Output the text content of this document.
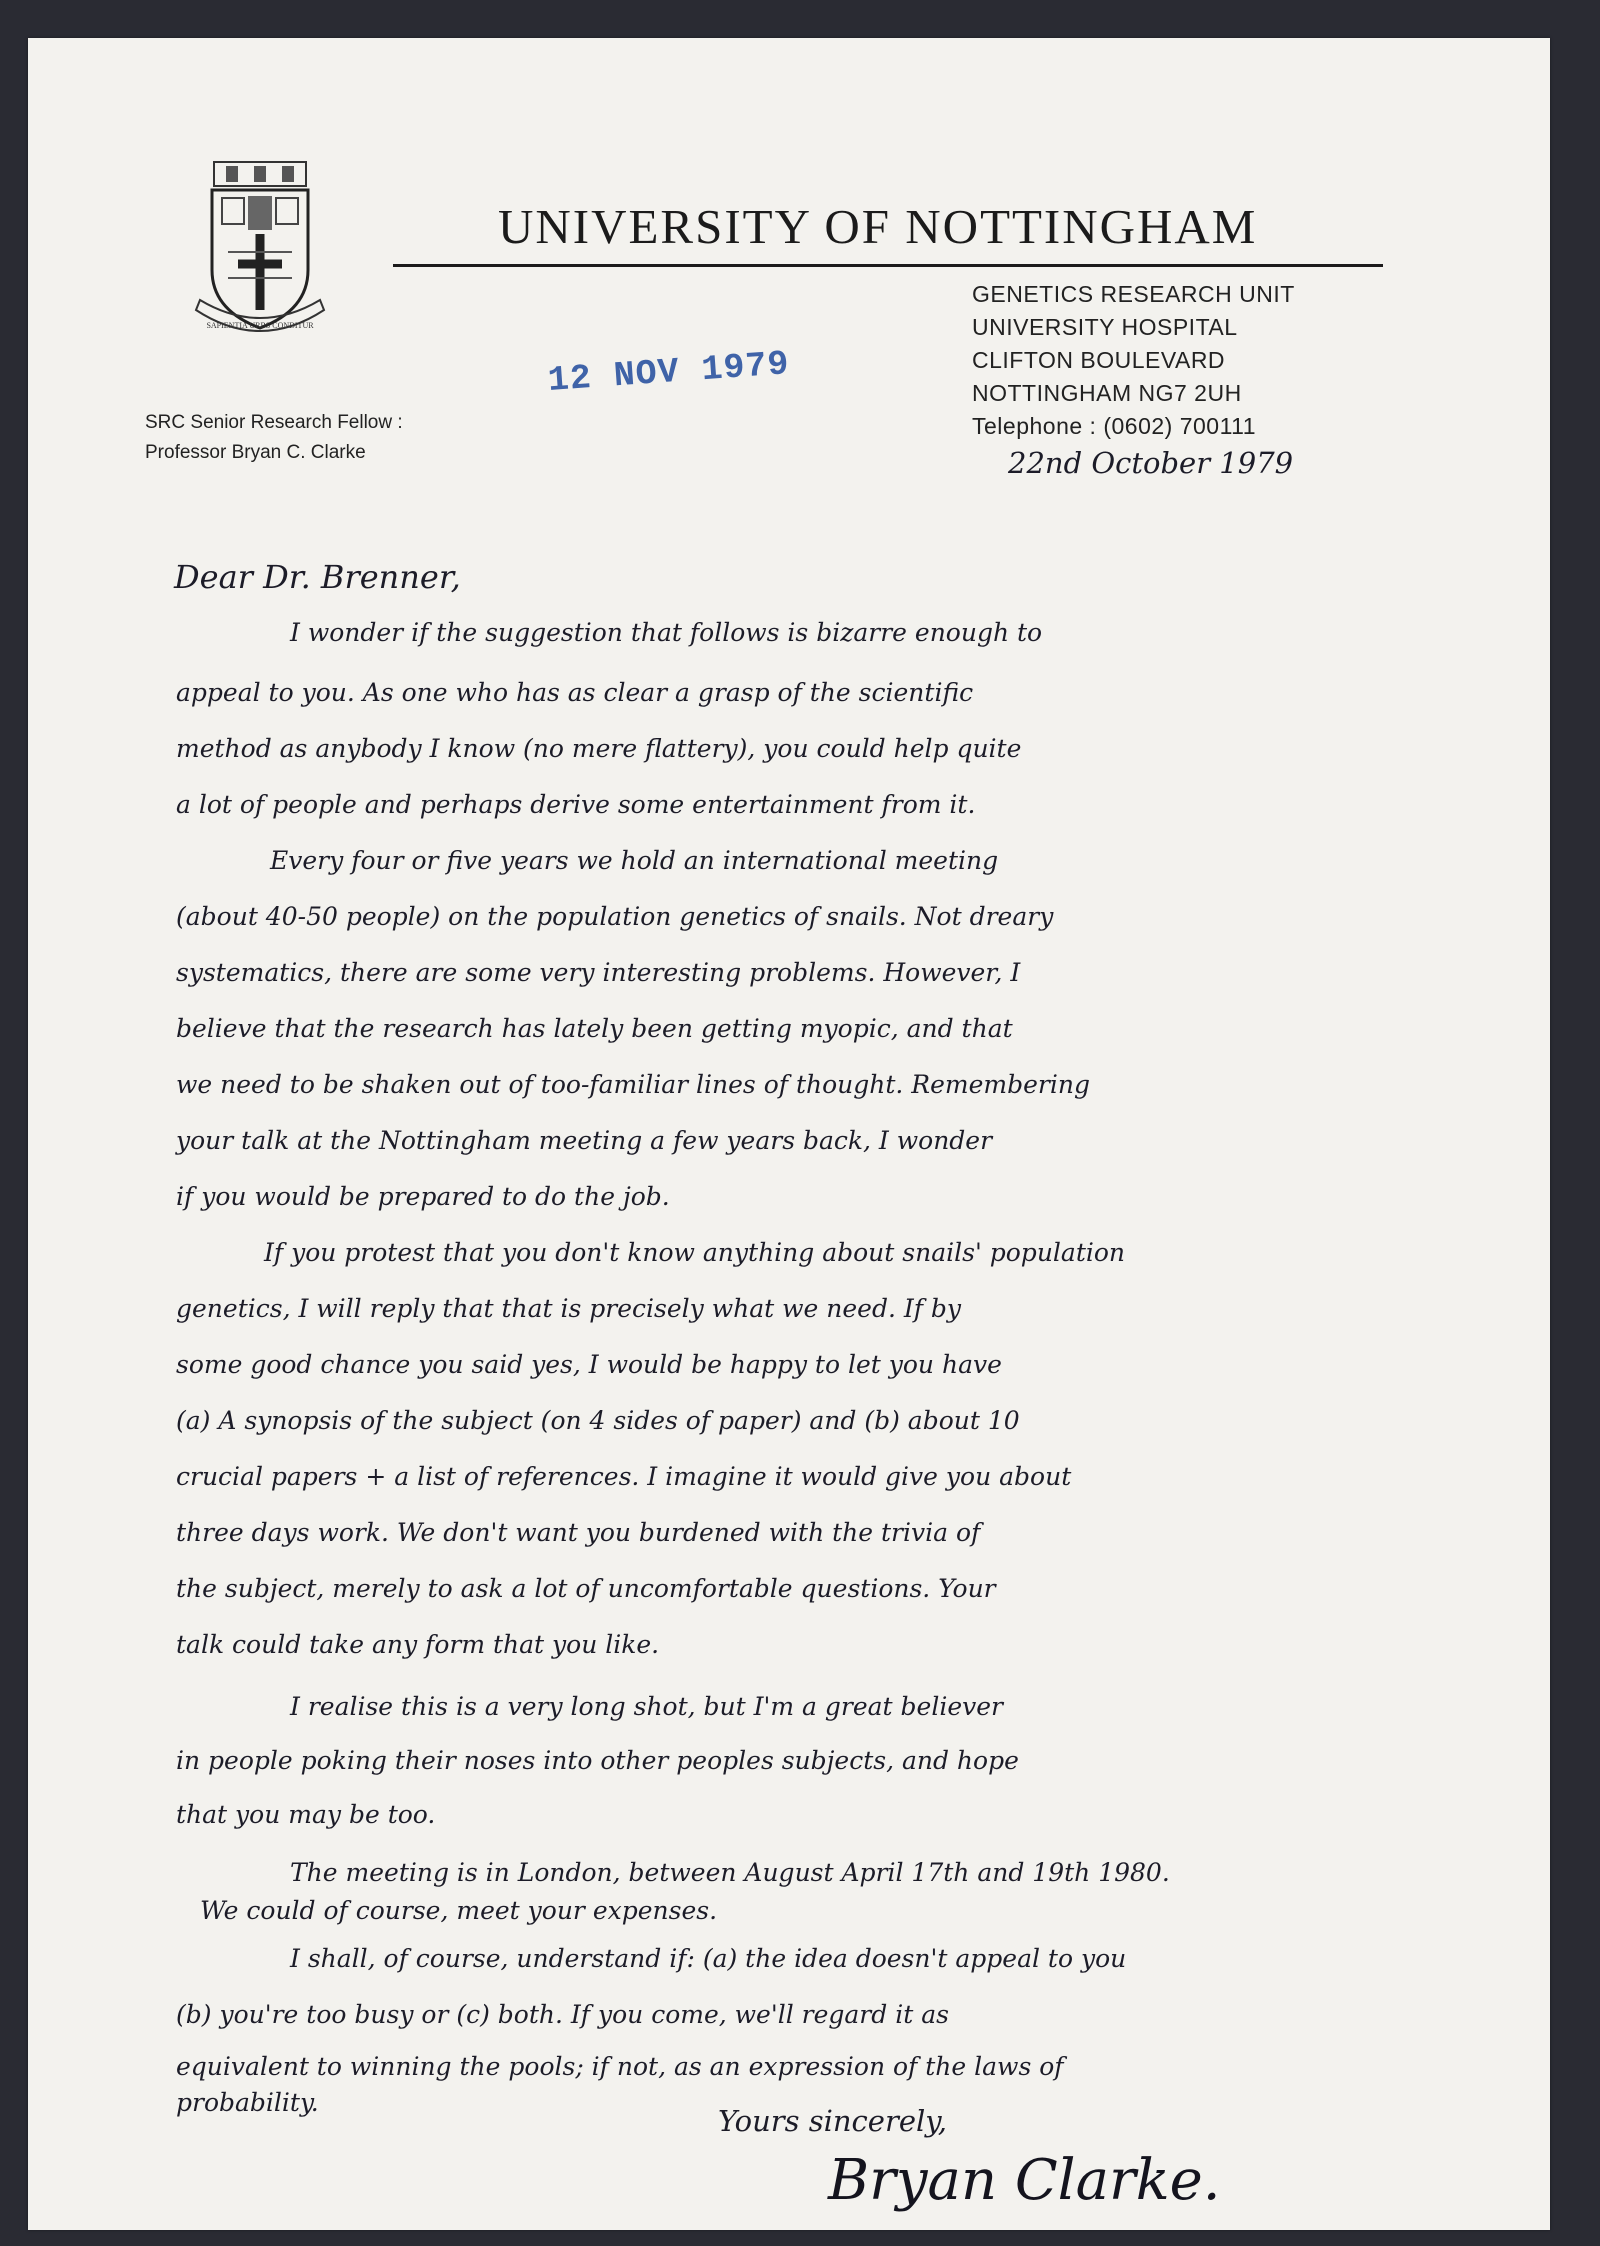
SAPIENTIA URBS CONDITUR
UNIVERSITY OF NOTTINGHAM
GENETICS RESEARCH UNIT
UNIVERSITY HOSPITAL
CLIFTON BOULEVARD
NOTTINGHAM NG7 2UH
Telephone : (0602) 700111
SRC Senior Research Fellow :
Professor Bryan C. Clarke
12 NOV 1979
22nd October 1979
Dear Dr. Brenner,
I wonder if the suggestion that follows is bizarre enough to
appeal to you. As one who has as clear a grasp of the scientific
method as anybody I know (no mere flattery), you could help quite
a lot of people and perhaps derive some entertainment from it.
Every four or five years we hold an international meeting
(about 40-50 people) on the population genetics of snails. Not dreary
systematics, there are some very interesting problems. However, I
believe that the research has lately been getting myopic, and that
we need to be shaken out of too-familiar lines of thought. Remembering
your talk at the Nottingham meeting a few years back, I wonder
if you would be prepared to do the job.
If you protest that you don't know anything about snails' population
genetics, I will reply that that is precisely what we need. If by
some good chance you said yes, I would be happy to let you have
(a) A synopsis of the subject (on 4 sides of paper) and (b) about 10
crucial papers + a list of references. I imagine it would give you about
three days work. We don't want you burdened with the trivia of
the subject, merely to ask a lot of uncomfortable questions. Your
talk could take any form that you like.
I realise this is a very long shot, but I'm a great believer
in people poking their noses into other peoples subjects, and hope
that you may be too.
The meeting is in London, between August April 17th and 19th 1980.
We could of course, meet your expenses.
I shall, of course, understand if: (a) the idea doesn't appeal to you
(b) you're too busy or (c) both. If you come, we'll regard it as
equivalent to winning the pools; if not, as an expression of the laws of
probability.
Yours sincerely,
Bryan Clarke.
